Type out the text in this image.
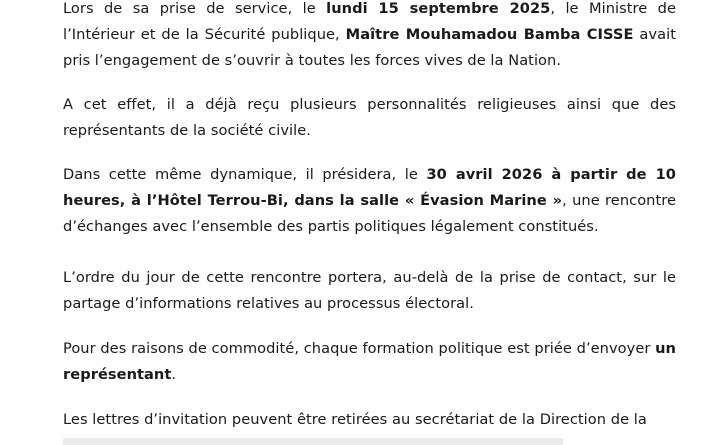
Lors de sa prise de service, le lundi 15 septembre 2025, le Ministre de l’Intérieur et de la Sécurité publique, Maître Mouhamadou Bamba CISSE avait pris l’engagement de s’ouvrir à toutes les forces vives de la Nation.

A cet effet, il a déjà reçu plusieurs personnalités religieuses ainsi que des représentants de la société civile.

Dans cette même dynamique, il présidera, le 30 avril 2026 à partir de 10 heures, à l’Hôtel Terrou-Bi, dans la salle « Évasion Marine », une rencontre d’échanges avec l’ensemble des partis politiques légalement constitués.

L’ordre du jour de cette rencontre portera, au-delà de la prise de contact, sur le partage d’informations relatives au processus électoral.

Pour des raisons de commodité, chaque formation politique est priée d’envoyer un représentant.

Les lettres d’invitation peuvent être retirées au secrétariat de la Direction de la
